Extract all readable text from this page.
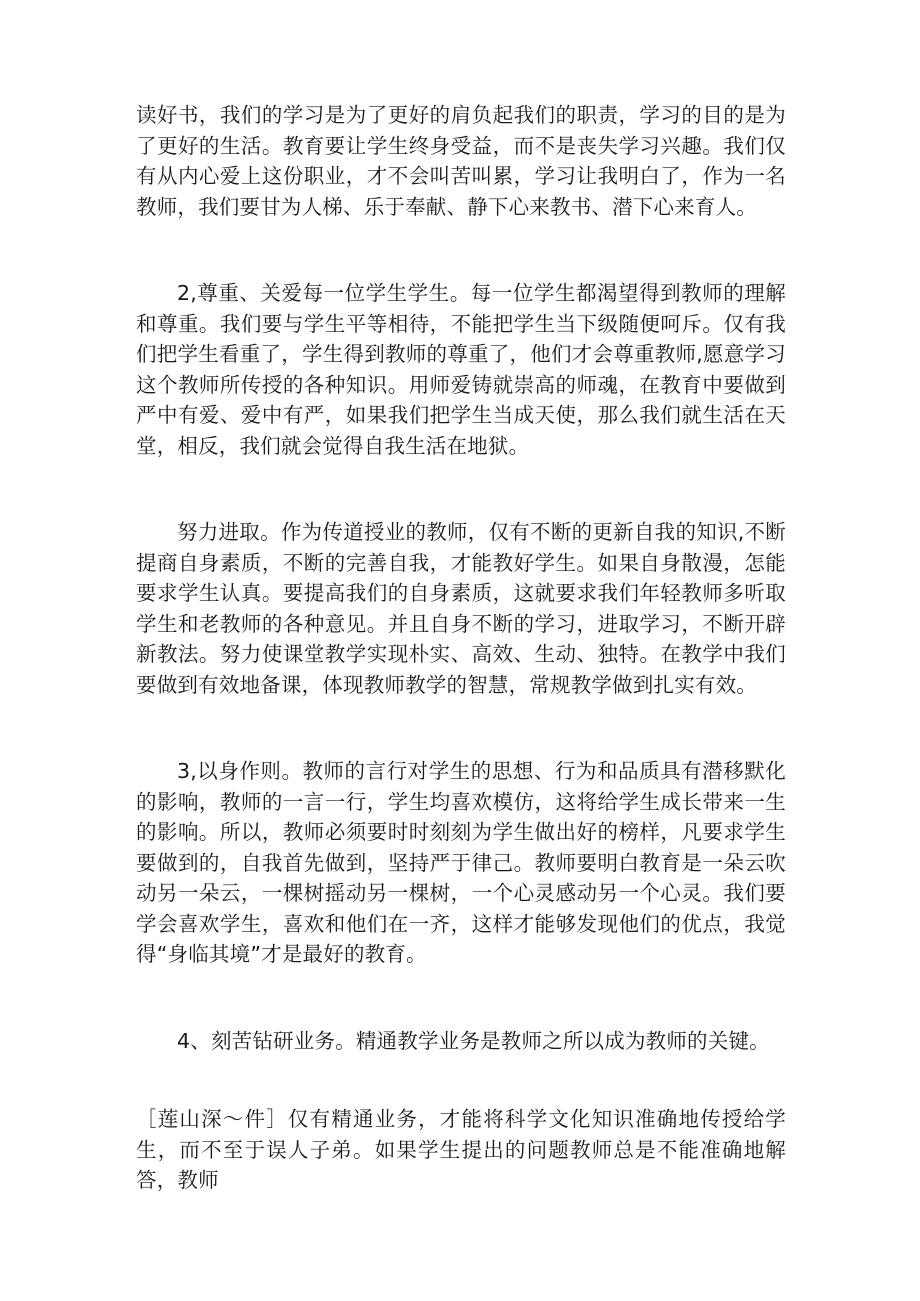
读好书，我们的学习是为了更好的肩负起我们的职责，学习的目的是为了更好的生活。教育要让学生终身受益，而不是丧失学习兴趣。我们仅有从内心爱上这份职业，才不会叫苦叫累，学习让我明白了，作为一名教师，我们要甘为人梯、乐于奉献、静下心来教书、潜下心来育人。

2,尊重、关爱每一位学生学生。每一位学生都渴望得到教师的理解和尊重。我们要与学生平等相待，不能把学生当下级随便呵斥。仅有我们把学生看重了，学生得到教师的尊重了，他们才会尊重教师,愿意学习这个教师所传授的各种知识。用师爱铸就崇高的师魂，在教育中要做到严中有爱、爱中有严，如果我们把学生当成天使，那么我们就生活在天堂，相反，我们就会觉得自我生活在地狱。

努力进取。作为传道授业的教师，仅有不断的更新自我的知识,不断提商自身素质，不断的完善自我，才能教好学生。如果自身散漫，怎能要求学生认真。要提高我们的自身素质，这就要求我们年轻教师多听取学生和老教师的各种意见。并且自身不断的学习，进取学习，不断开辟新教法。努力使课堂教学实现朴实、高效、生动、独特。在教学中我们要做到有效地备课，体现教师教学的智慧，常规教学做到扎实有效。

3,以身作则。教师的言行对学生的思想、行为和品质具有潜移默化的影响，教师的一言一行，学生均喜欢模仿，这将给学生成长带来一生的影响。所以，教师必须要时时刻刻为学生做出好的榜样，凡要求学生要做到的，自我首先做到，坚持严于律己。教师要明白教育是一朵云吹动另一朵云，一棵树摇动另一棵树，一个心灵感动另一个心灵。我们要学会喜欢学生，喜欢和他们在一齐，这样才能够发现他们的优点，我觉得“身临其境”才是最好的教育。

4、刻苦钻研业务。精通教学业务是教师之所以成为教师的关键。

［莲山深〜件］仅有精通业务，才能将科学文化知识准确地传授给学生，而不至于误人子弟。如果学生提出的问题教师总是不能准确地解答，教师
